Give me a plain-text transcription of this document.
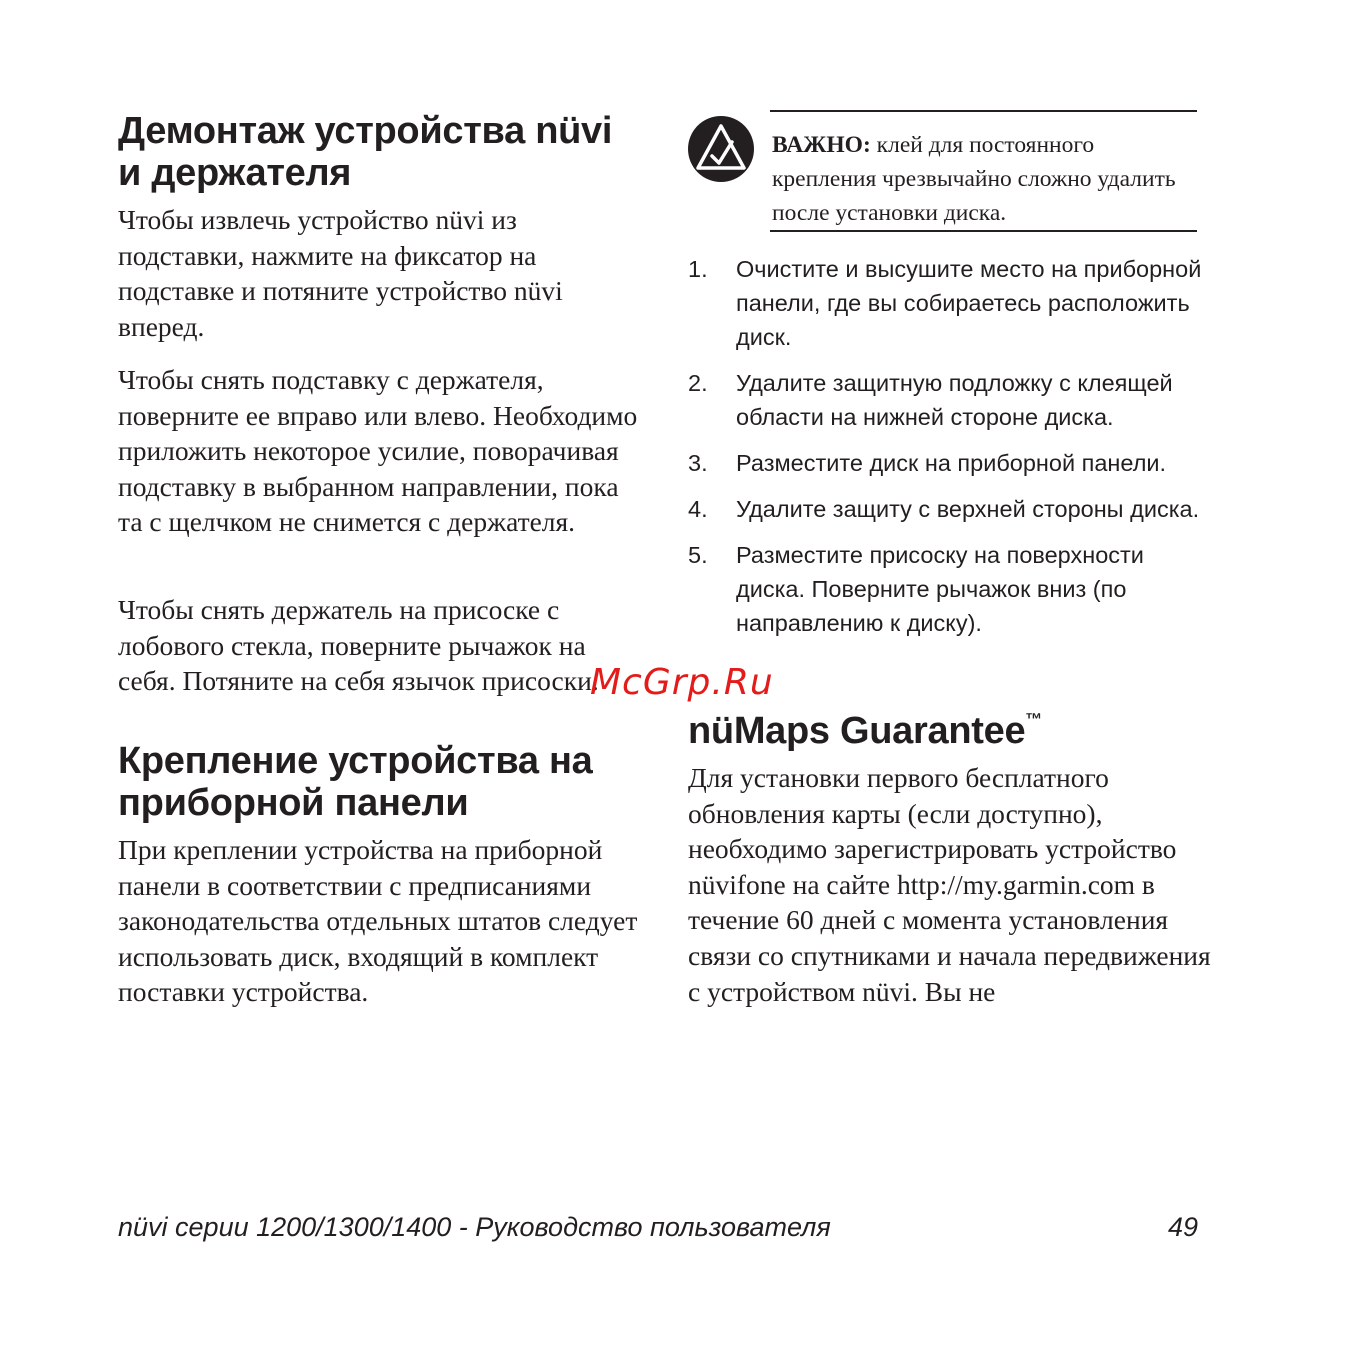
Демонтаж устройства nüvi и держателя

Чтобы извлечь устройство nüvi из подставки, нажмите на фиксатор на подставке и потяните устройство nüvi вперед.

Чтобы снять подставку с держателя, поверните ее вправо или влево. Необходимо приложить некоторое усилие, поворачивая подставку в выбранном направлении, пока та с щелчком не снимется с держателя.

Чтобы снять держатель на присоске с лобового стекла, поверните рычажок на себя. Потяните на себя язычок присоски.

Крепление устройства на приборной панели

При креплении устройства на приборной панели в соответствии с предписаниями законодательства отдельных штатов следует использовать диск, входящий в комплект поставки устройства.

ВАЖНО: клей для постоянного крепления чрезвычайно сложно удалить после установки диска.
1. Очистите и высушите место на приборной панели, где вы собираетесь расположить диск.
2. Удалите защитную подложку с клеящей области на нижней стороне диска.
3. Разместите диск на приборной панели.
4. Удалите защиту с верхней стороны диска.
5. Разместите присоску на поверхности диска. Поверните рычажок вниз (по направлению к диску).
nüMaps Guarantee™

Для установки первого бесплатного обновления карты (если доступно), необходимо зарегистрировать устройство nüvifone на сайте http://my.garmin.com в течение 60 дней с момента установления связи со спутниками и начала передвижения с устройством nüvi. Вы не

McGrp.Ru
nüvi серии 1200/1300/1400 - Руководство пользователя	49
